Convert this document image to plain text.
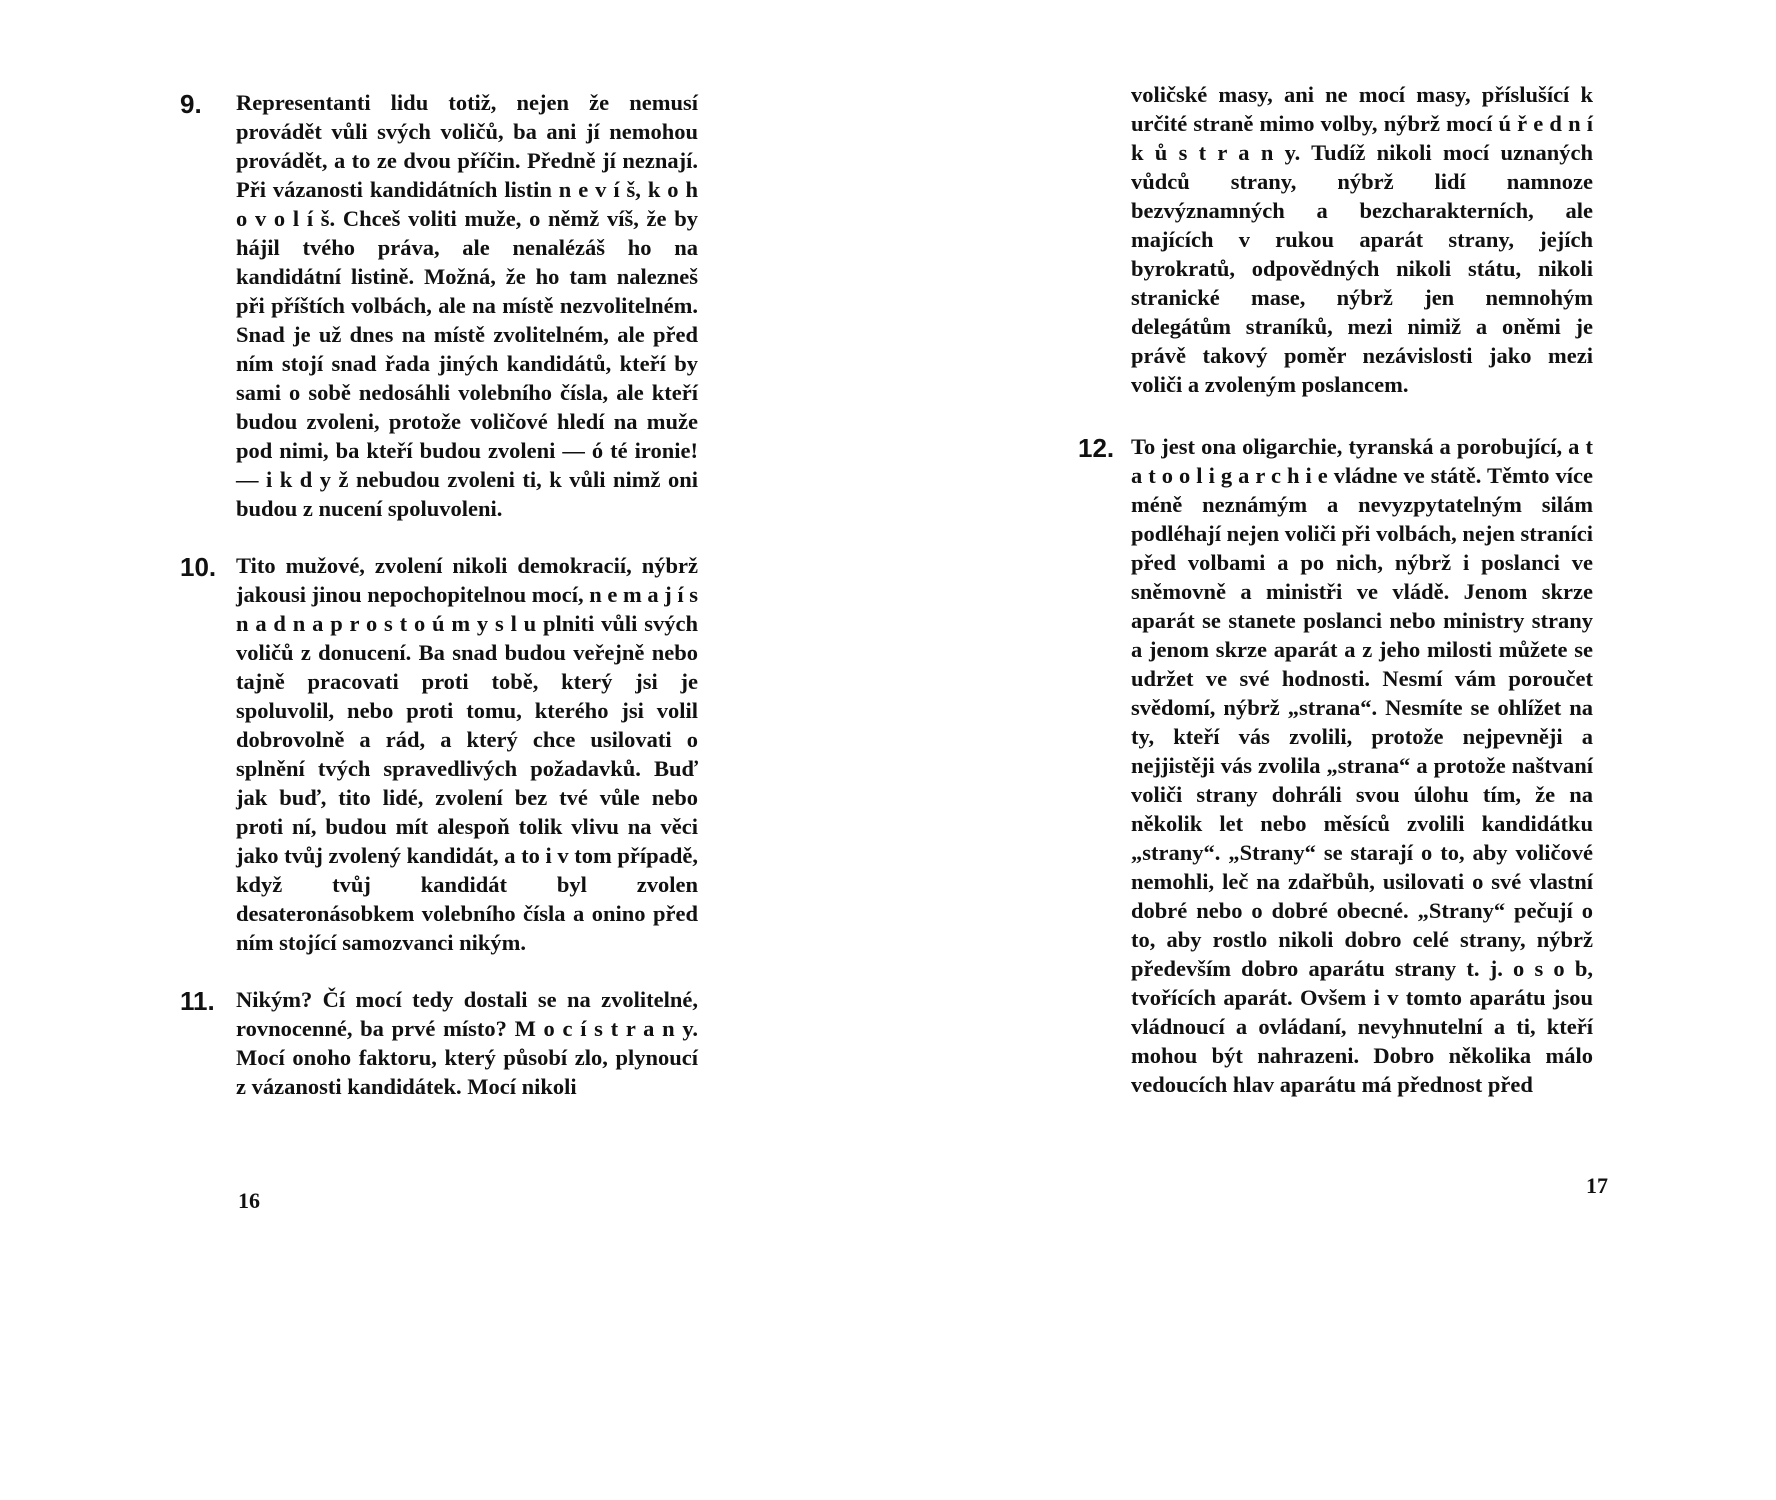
9. Representanti lidu totiž, nejen že nemusí provádět vůli svých voličů, ba ani jí nemohou provádět, a to ze dvou příčin. Předně jí neznají. Při vázanosti kandidátních listin n e v í š, k o h o v o l í š. Chceš voliti muže, o němž víš, že by hájil tvého práva, ale nenalézáš ho na kandidátní listině. Možná, že ho tam nalezneš při příštích volbách, ale na místě nezvolitelném. Snad je už dnes na místě zvolitelném, ale před ním stojí snad řada jiných kandidátů, kteří by sami o sobě nedosáhli volebního čísla, ale kteří budou zvoleni, protože voličové hledí na muže pod nimi, ba kteří budou zvoleni — ó té ironie! — i k d y ž nebudou zvoleni ti, k vůli nimž oni budou z nucení spoluvoleni.

10. Tito mužové, zvolení nikoli demokracií, nýbrž jakousi jinou nepochopitelnou mocí, n e m a j í s n a d n a p r o s t o ú m y s l u plniti vůli svých voličů z donucení. Ba snad budou veřejně nebo tajně pracovati proti tobě, který jsi je spoluvolil, nebo proti tomu, kterého jsi volil dobrovolně a rád, a který chce usilovati o splnění tvých spravedlivých požadavků. Buď jak buď, tito lidé, zvolení bez tvé vůle nebo proti ní, budou mít alespoň tolik vlivu na věci jako tvůj zvolený kandidát, a to i v tom případě, když tvůj kandidát byl zvolen desateronásobkem volebního čísla a onino před ním stojící samozvanci nikým.

11. Nikým? Čí mocí tedy dostali se na zvolitelné, rovnocenné, ba prvé místo? M o c í s t r a n y. Mocí onoho faktoru, který působí zlo, plynoucí z vázanosti kandidátek. Mocí nikoli

16

voličské masy, ani ne mocí masy, příslušící k určité straně mimo volby, nýbrž mocí ú ř e d n í k ů s t r a n y. Tudíž nikoli mocí uznaných vůdců strany, nýbrž lidí namnoze bezvýznamných a bezcharakterních, ale majících v rukou aparát strany, jejích byrokratů, odpovědných nikoli státu, nikoli stranické mase, nýbrž jen nemnohým delegátům straníků, mezi nimiž a oněmi je právě takový poměr nezávislosti jako mezi voliči a zvoleným poslancem.

12. To jest ona oligarchie, tyranská a porobující, a t a t o o l i g a r c h i e vládne ve státě. Těmto více méně neznámým a nevyzpytatelným silám podléhají nejen voliči při volbách, nejen straníci před volbami a po nich, nýbrž i poslanci ve sněmovně a ministři ve vládě. Jenom skrze aparát se stanete poslanci nebo ministry strany a jenom skrze aparát a z jeho milosti můžete se udržet ve své hodnosti. Nesmí vám poroučet svědomí, nýbrž „strana“. Nesmíte se ohlížet na ty, kteří vás zvolili, protože nejpevněji a nejjistěji vás zvolila „strana“ a protože naštvaní voliči strany dohráli svou úlohu tím, že na několik let nebo měsíců zvolili kandidátku „strany“. „Strany“ se starají o to, aby voličové nemohli, leč na zdařbůh, usilovati o své vlastní dobré nebo o dobré obecné. „Strany“ pečují o to, aby rostlo nikoli dobro celé strany, nýbrž především dobro aparátu strany t. j. o s o b, tvořících aparát. Ovšem i v tomto aparátu jsou vládnoucí a ovládaní, nevyhnutelní a ti, kteří mohou být nahrazeni. Dobro několika málo vedoucích hlav aparátu má přednost před

17
